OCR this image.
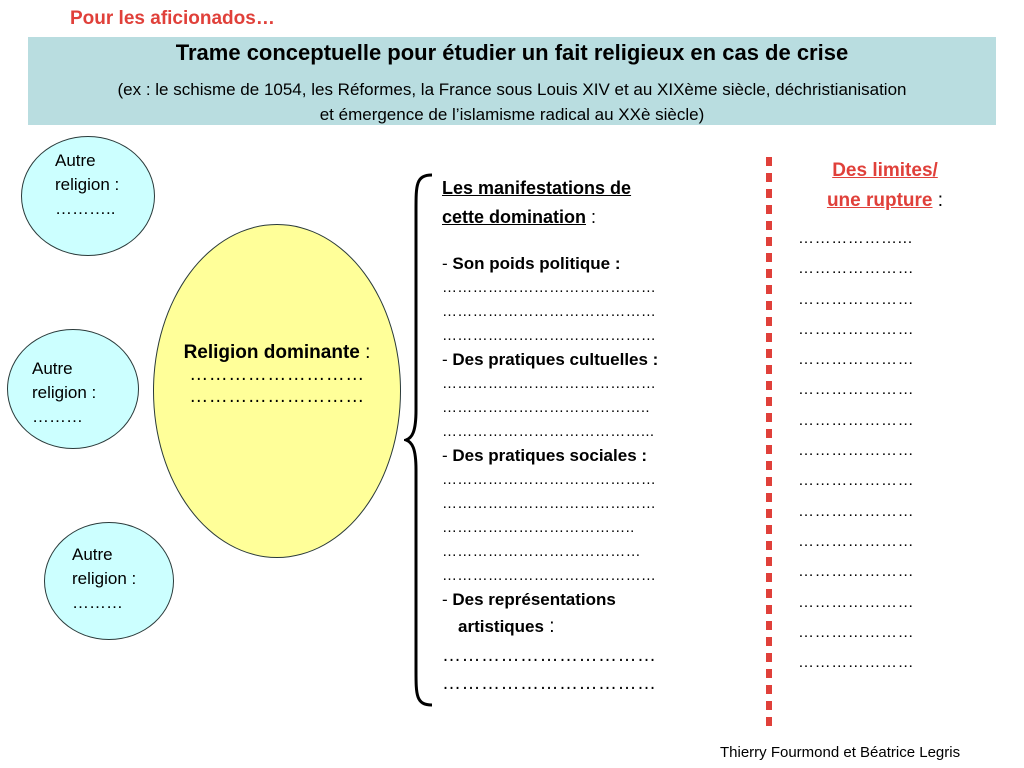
Pour les aficionados…
Trame conceptuelle pour étudier un fait religieux en cas de crise
(ex : le schisme de 1054, les Réformes, la France sous Louis XIV et au XIXème siècle, déchristianisation
et émergence de l’islamisme radical au XXè siècle)
Autre
religion :
………..
Autre
religion :
………
Autre
religion :
………
Religion dominante :
………………………
………………………
Les manifestations de
cette domination :
- Son poids politique :
……………………………………
……………………………………
……………………………………
- Des pratiques cultuelles :
……………………………………
…………………………………..
…………………………………...
- Des pratiques sociales :
……………………………………
……………………………………
………………………………..
…………………………………
……………………………………
- Des représentations
artistiques :
……………………………
……………………………
Des limites/
une rupture :
………………...
…………………
…………………
…………………
…………………
…………………
…………………
…………………
…………………
…………………
…………………
…………………
…………………
…………………
…………………
Thierry Fourmond et Béatrice Legris
